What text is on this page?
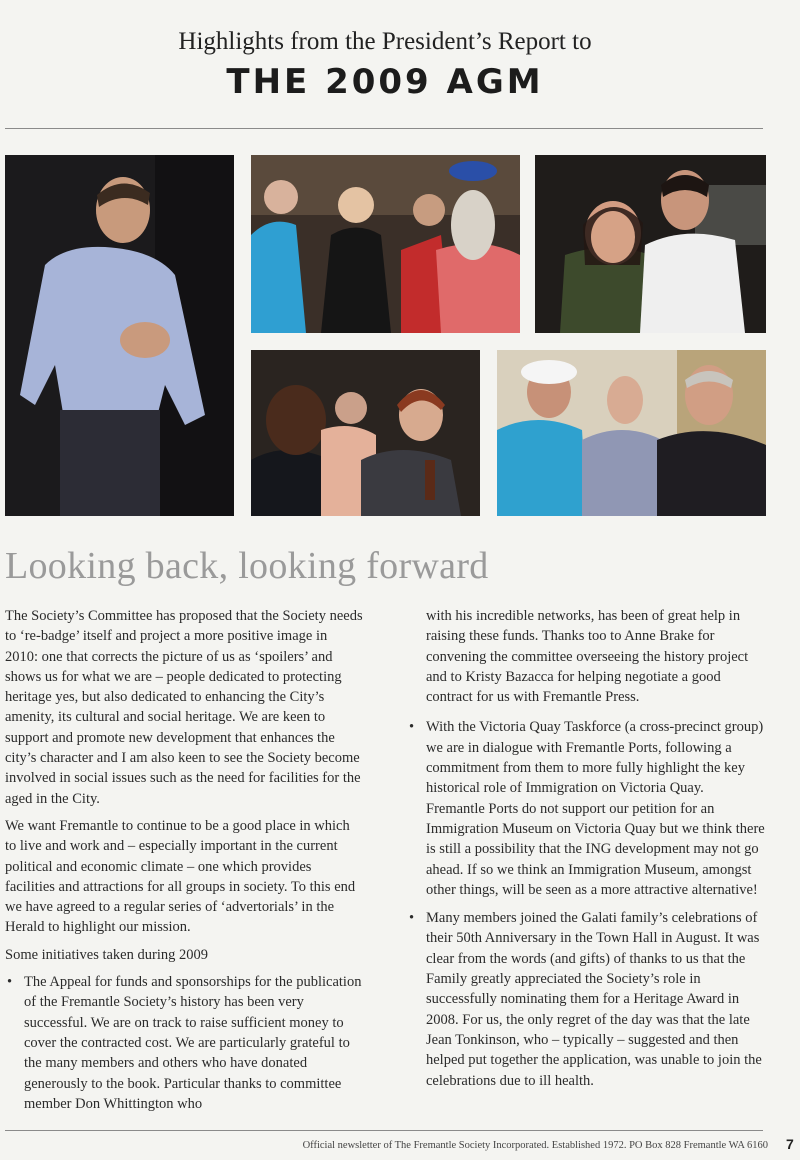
Highlights from the President’s Report to
THE 2009 AGM
Looking back, looking forward

The Society’s Committee has proposed that the Society needs to ‘re-badge’ itself and project a more positive image in 2010: one that corrects the picture of us as ‘spoilers’ and shows us for what we are – people dedicated to protecting heritage yes, but also dedicated to enhancing the City’s amenity, its cultural and social heritage. We are keen to support and promote new development that enhances the city’s character and I am also keen to see the Society become involved in social issues such as the need for facilities for the aged in the City.

We want Fremantle to continue to be a good place in which to live and work and – especially important in the current political and economic climate – one which provides facilities and attractions for all groups in society. To this end we have agreed to a regular series of ‘advertorials’ in the Herald to highlight our mission.

Some initiatives taken during 2009

• The Appeal for funds and sponsorships for the publication of the Fremantle Society’s history has been very successful. We are on track to raise sufficient money to cover the contracted cost. We are particularly grateful to the many members and others who have donated generously to the book. Particular thanks to committee member Don Whittington who

with his incredible networks, has been of great help in raising these funds. Thanks too to Anne Brake for convening the committee overseeing the history project and to Kristy Bazacca for helping negotiate a good contract for us with Fremantle Press.

• With the Victoria Quay Taskforce (a cross-precinct group) we are in dialogue with Fremantle Ports, following a commitment from them to more fully highlight the key historical role of Immigration on Victoria Quay. Fremantle Ports do not support our petition for an Immigration Museum on Victoria Quay but we think there is still a possibility that the ING development may not go ahead. If so we think an Immigration Museum, amongst other things, will be seen as a more attractive alternative!
• Many members joined the Galati family’s celebrations of their 50th Anniversary in the Town Hall in August. It was clear from the words (and gifts) of thanks to us that the Family greatly appreciated the Society’s role in successfully nominating them for a Heritage Award in 2008. For us, the only regret of the day was that the late Jean Tonkinson, who – typically – suggested and then helped put together the application, was unable to join the celebrations due to ill health.
Official newsletter of The Fremantle Society Incorporated. Established 1972. PO Box 828 Fremantle WA 6160 7
